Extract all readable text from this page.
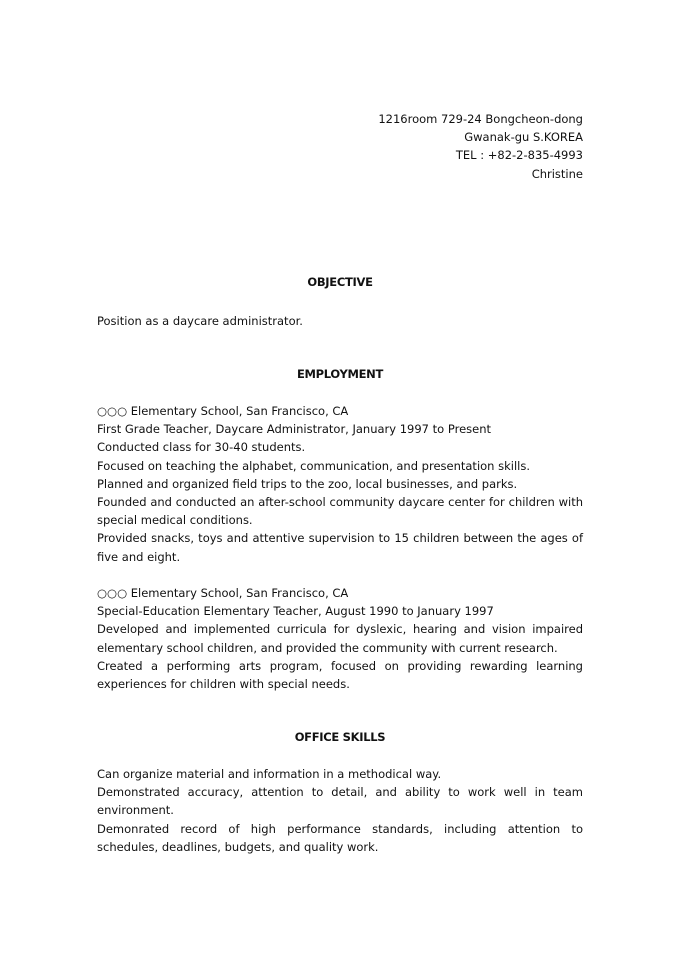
1216room 729-24 Bongcheon-dong
Gwanak-gu S.KOREA
TEL : +82-2-835-4993
Christine
OBJECTIVE

Position as a daycare administrator.

EMPLOYMENT

○○○ Elementary School, San Francisco, CA

First Grade Teacher, Daycare Administrator, January 1997 to Present

Conducted class for 30-40 students.

Focused on teaching the alphabet, communication, and presentation skills.

Planned and organized field trips to the zoo, local businesses, and parks.

Founded and conducted an after-school community daycare center for children with special medical conditions.

Provided snacks, toys and attentive supervision to 15 children between the ages of five and eight.

○○○ Elementary School, San Francisco, CA

Special-Education Elementary Teacher, August 1990 to January 1997

Developed and implemented curricula for dyslexic, hearing and vision impaired elementary school children, and provided the community with current research.

Created a performing arts program, focused on providing rewarding learning experiences for children with special needs.

OFFICE SKILLS

Can organize material and information in a methodical way.

Demonstrated accuracy, attention to detail, and ability to work well in team environment.

Demonrated record of high performance standards, including attention to schedules, deadlines, budgets, and quality work.
